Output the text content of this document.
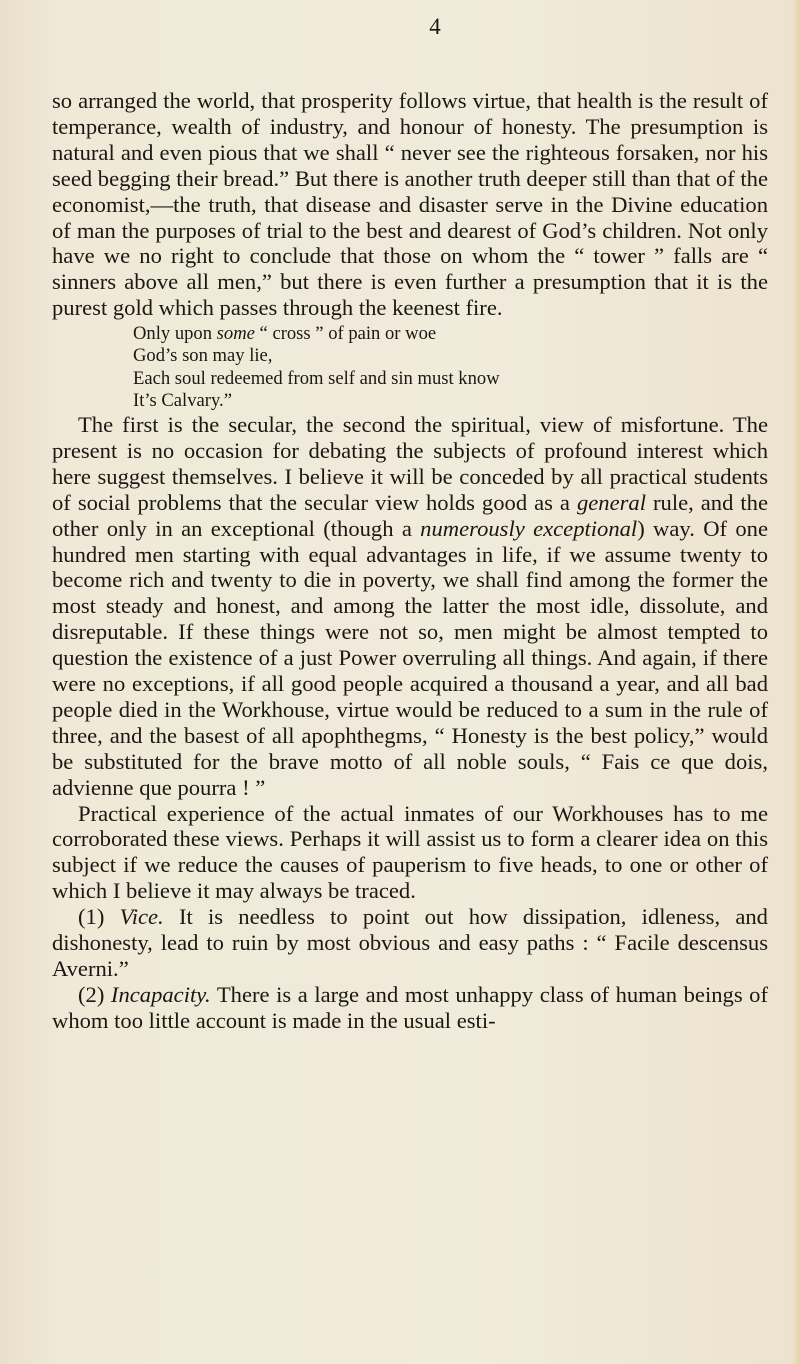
4

so arranged the world, that prosperity follows virtue, that health is the result of temperance, wealth of industry, and honour of honesty. The presumption is natural and even pious that we shall “ never see the righteous forsaken, nor his seed begging their bread.” But there is another truth deeper still than that of the economist,—the truth, that disease and disaster serve in the Divine education of man the purposes of trial to the best and dearest of God’s children. Not only have we no right to conclude that those on whom the “ tower ” falls are “ sinners above all men,” but there is even further a presumption that it is the purest gold which passes through the keenest fire.

Only upon some “ cross ” of pain or woe
God’s son may lie,
Each soul redeemed from self and sin must know
It’s Calvary.”

The first is the secular, the second the spiritual, view of misfortune. The present is no occasion for debating the subjects of profound interest which here suggest themselves. I believe it will be conceded by all practical students of social problems that the secular view holds good as a general rule, and the other only in an exceptional (though a numerously exceptional) way. Of one hundred men starting with equal advantages in life, if we assume twenty to become rich and twenty to die in poverty, we shall find among the former the most steady and honest, and among the latter the most idle, dissolute, and disreputable. If these things were not so, men might be almost tempted to question the existence of a just Power overruling all things. And again, if there were no exceptions, if all good people acquired a thousand a year, and all bad people died in the Workhouse, virtue would be reduced to a sum in the rule of three, and the basest of all apophthegms, “ Honesty is the best policy,” would be substituted for the brave motto of all noble souls, “ Fais ce que dois, advienne que pourra ! ”

Practical experience of the actual inmates of our Workhouses has to me corroborated these views. Perhaps it will assist us to form a clearer idea on this subject if we reduce the causes of pauperism to five heads, to one or other of which I believe it may always be traced.

(1) Vice. It is needless to point out how dissipation, idleness, and dishonesty, lead to ruin by most obvious and easy paths : “ Facile descensus Averni.”

(2) Incapacity. There is a large and most unhappy class of human beings of whom too little account is made in the usual esti-
